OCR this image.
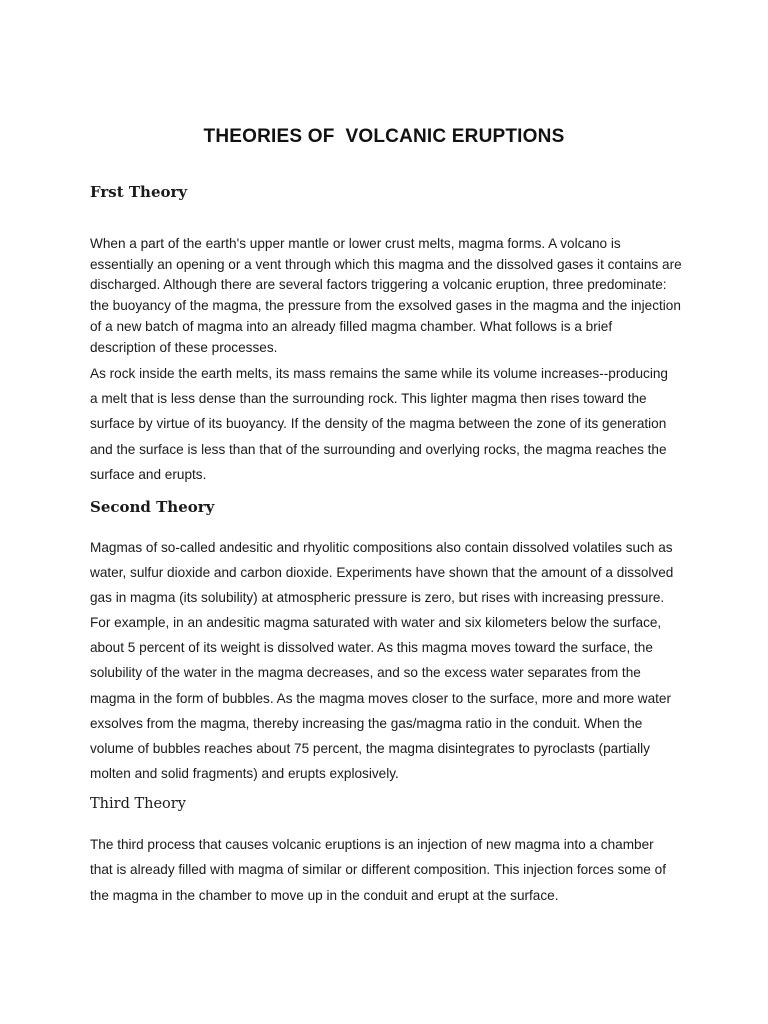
THEORIES OF  VOLCANIC ERUPTIONS
Frst Theory
When a part of the earth's upper mantle or lower crust melts, magma forms. A volcano is
essentially an opening or a vent through which this magma and the dissolved gases it contains are
discharged. Although there are several factors triggering a volcanic eruption, three predominate:
the buoyancy of the magma, the pressure from the exsolved gases in the magma and the injection
of a new batch of magma into an already filled magma chamber. What follows is a brief
description of these processes.
As rock inside the earth melts, its mass remains the same while its volume increases--producing
a melt that is less dense than the surrounding rock. This lighter magma then rises toward the
surface by virtue of its buoyancy. If the density of the magma between the zone of its generation
and the surface is less than that of the surrounding and overlying rocks, the magma reaches the
surface and erupts.
Second Theory
Magmas of so-called andesitic and rhyolitic compositions also contain dissolved volatiles such as
water, sulfur dioxide and carbon dioxide. Experiments have shown that the amount of a dissolved
gas in magma (its solubility) at atmospheric pressure is zero, but rises with increasing pressure.
For example, in an andesitic magma saturated with water and six kilometers below the surface,
about 5 percent of its weight is dissolved water. As this magma moves toward the surface, the
solubility of the water in the magma decreases, and so the excess water separates from the
magma in the form of bubbles. As the magma moves closer to the surface, more and more water
exsolves from the magma, thereby increasing the gas/magma ratio in the conduit. When the
volume of bubbles reaches about 75 percent, the magma disintegrates to pyroclasts (partially
molten and solid fragments) and erupts explosively.
Third Theory
The third process that causes volcanic eruptions is an injection of new magma into a chamber
that is already filled with magma of similar or different composition. This injection forces some of
the magma in the chamber to move up in the conduit and erupt at the surface.
